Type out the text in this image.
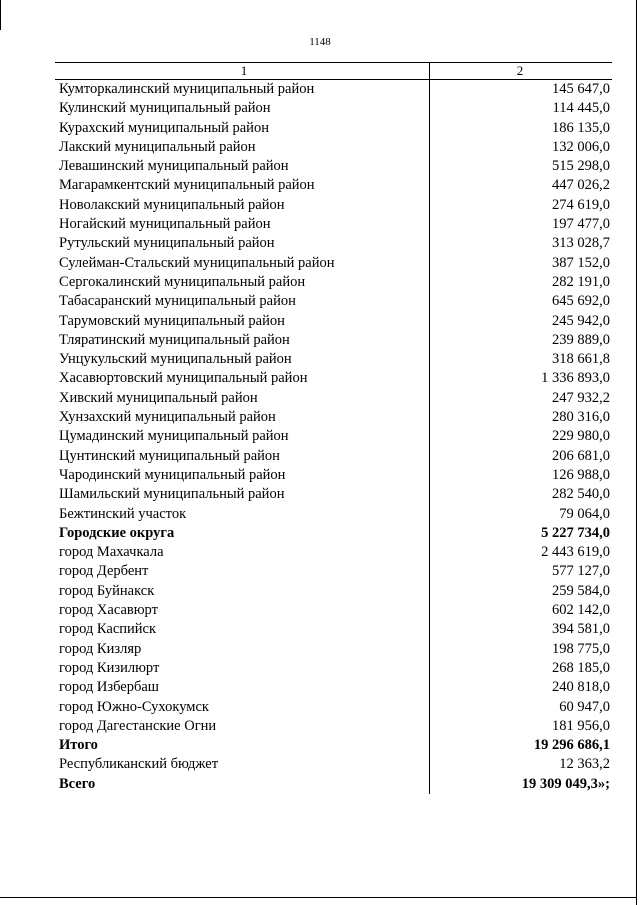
1148
1	2
Кумторкалинский муниципальный район	145 647,0
Кулинский муниципальный район	114 445,0
Курахский муниципальный район	186 135,0
Лакский муниципальный район	132 006,0
Левашинский муниципальный район	515 298,0
Магарамкентский муниципальный район	447 026,2
Новолакский муниципальный район	274 619,0
Ногайский муниципальный район	197 477,0
Рутульский муниципальный район	313 028,7
Сулейман-Стальский муниципальный район	387 152,0
Сергокалинский муниципальный район	282 191,0
Табасаранский муниципальный район	645 692,0
Тарумовский муниципальный район	245 942,0
Тляратинский муниципальный район	239 889,0
Унцукульский муниципальный район	318 661,8
Хасавюртовский муниципальный район	1 336 893,0
Хивский муниципальный район	247 932,2
Хунзахский муниципальный район	280 316,0
Цумадинский муниципальный район	229 980,0
Цунтинский муниципальный район	206 681,0
Чародинский муниципальный район	126 988,0
Шамильский муниципальный район	282 540,0
Бежтинский участок	79 064,0
Городские округа	5 227 734,0
город Махачкала	2 443 619,0
город Дербент	577 127,0
город Буйнакск	259 584,0
город Хасавюрт	602 142,0
город Каспийск	394 581,0
город Кизляр	198 775,0
город Кизилюрт	268 185,0
город Избербаш	240 818,0
город Южно-Сухокумск	60 947,0
город Дагестанские Огни	181 956,0
Итого	19 296 686,1
Республиканский бюджет	12 363,2
Всего	19 309 049,3»;
